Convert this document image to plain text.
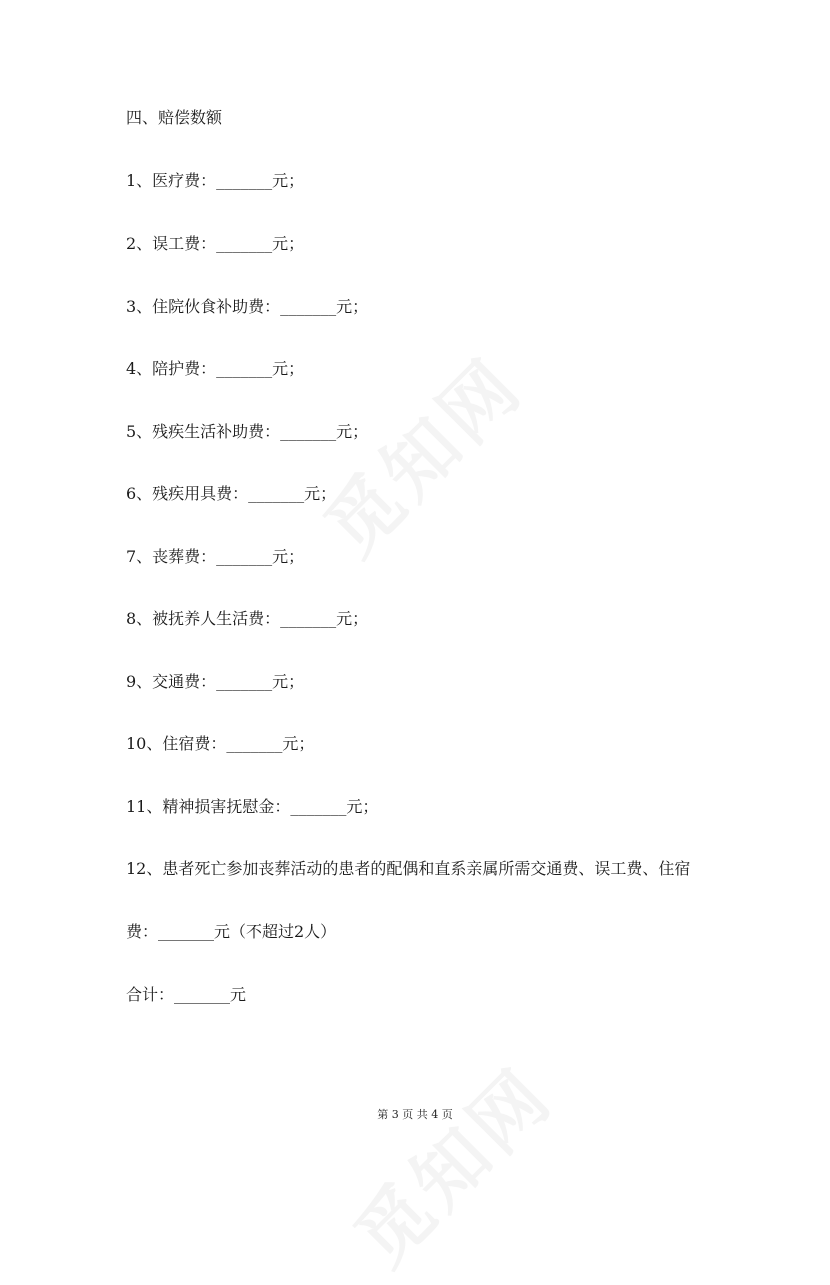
四、赔偿数额
1、医疗费：_______元；
2、误工费：_______元；
3、住院伙食补助费：_______元；
4、陪护费：_______元；
5、残疾生活补助费：_______元；
6、残疾用具费：_______元；
7、丧葬费：_______元；
8、被抚养人生活费：_______元；
9、交通费：_______元；
10、住宿费：_______元；
11、精神损害抚慰金：_______元；
12、患者死亡参加丧葬活动的患者的配偶和直系亲属所需交通费、误工费、住宿
费：_______元（不超过2人）
合计：_______元
第 3 页 共 4 页
